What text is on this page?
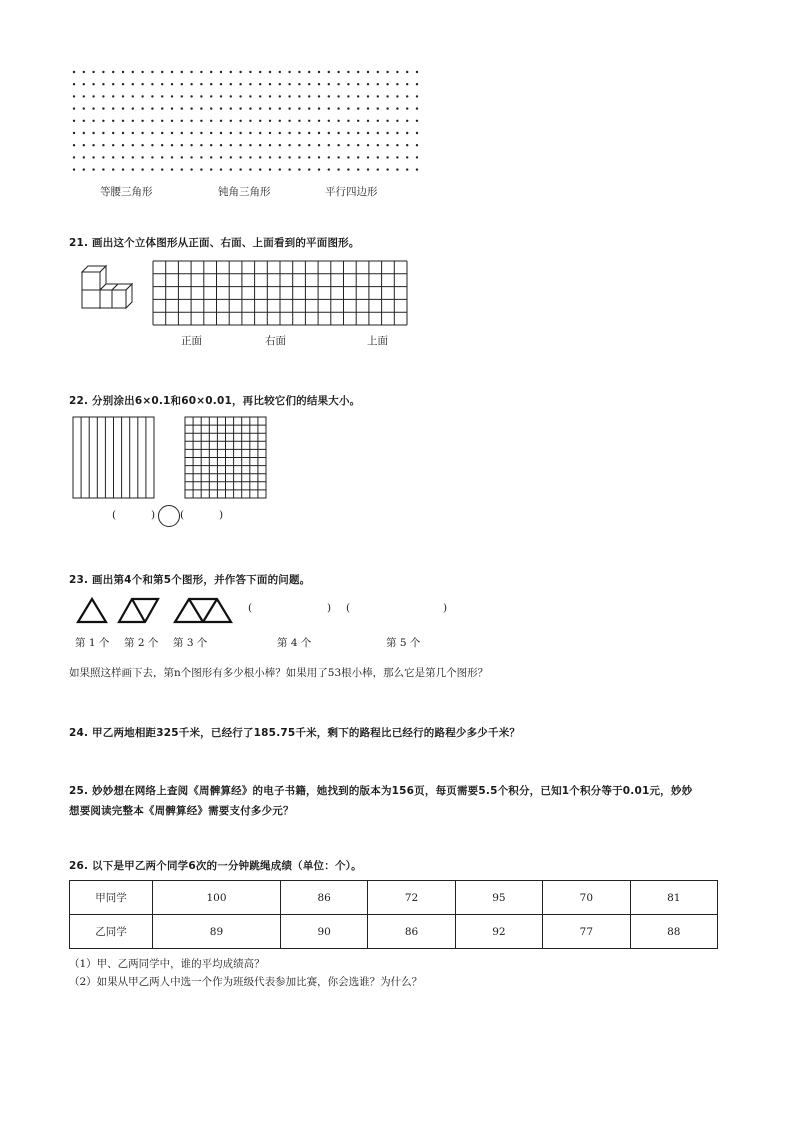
等腰三角形	钝角三角形	平行四边形
21. 画出这个立体图形从正面、右面、上面看到的平面图形。
正面	右面	上面
22. 分别涂出6×0.1和60×0.01，再比较它们的结果大小。
(	) (	)
23. 画出第4个和第5个图形，并作答下面的问题。
(	) (	)
第 1 个 第 2 个 第 3 个	第 4 个	第 5 个
如果照这样画下去，第n个图形有多少根小棒？如果用了53根小棒，那么它是第几个图形？
24. 甲乙两地相距325千米，已经行了185.75千米，剩下的路程比已经行的路程少多少千米？
25. 妙妙想在网络上查阅《周髀算经》的电子书籍，她找到的版本为156页，每页需要5.5个积分，已知1个积分等于0.01元，妙妙
想要阅读完整本《周髀算经》需要支付多少元？
26. 以下是甲乙两个同学6次的一分钟跳绳成绩（单位：个）。
甲同学	100	86	72	95	70	81
乙同学	89	90	86	92	77	88
（1）甲、乙两同学中，谁的平均成绩高？
（2）如果从甲乙两人中选一个作为班级代表参加比赛，你会选谁？为什么？
